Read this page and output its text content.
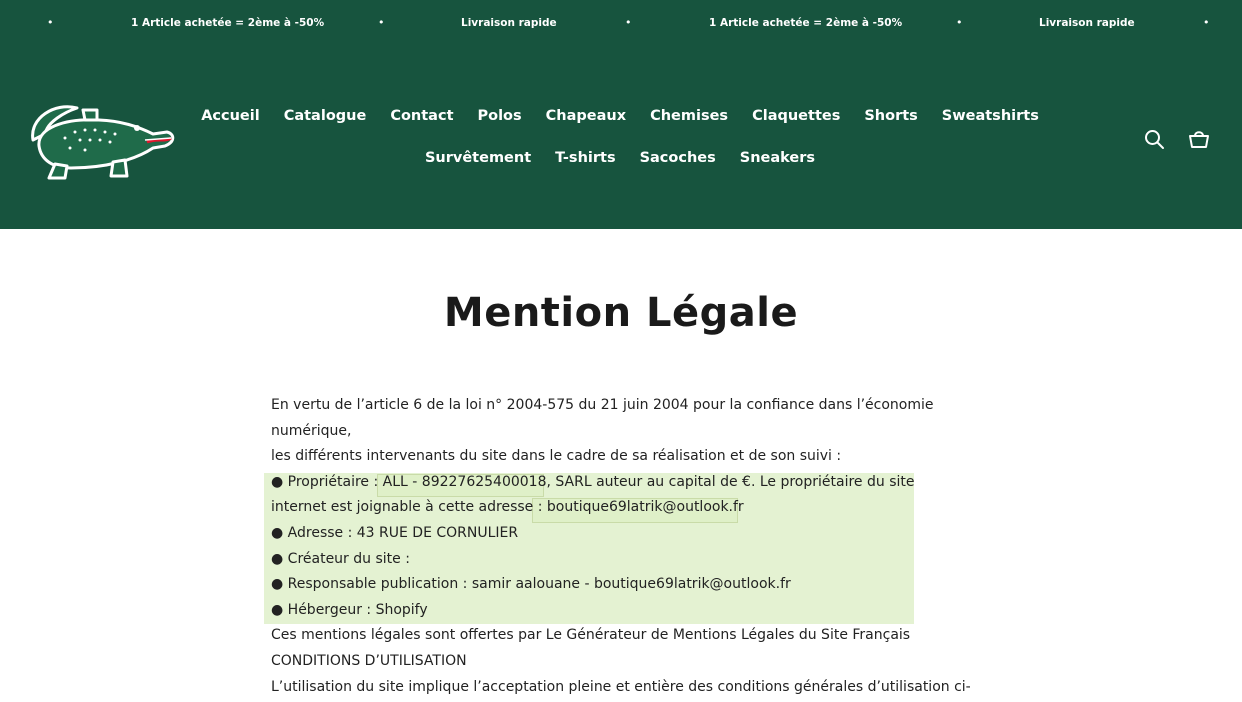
•	1 Article achetée = 2ème à -50%	•	Livraison rapide	•	1 Article achetée = 2ème à -50%	•	Livraison rapide	•
Accueil Catalogue Contact Polos Chapeaux Chemises Claquettes Shorts Sweatshirts
Survêtement T-shirts Sacoches Sneakers
Mention Légale

En vertu de l’article 6 de la loi n° 2004-575 du 21 juin 2004 pour la confiance dans l’économie

numérique,

les différents intervenants du site dans le cadre de sa réalisation et de son suivi :

● Propriétaire : ALL - 89227625400018, SARL auteur au capital de €. Le propriétaire du site

internet est joignable à cette adresse : boutique69latrik@outlook.fr

● Adresse : 43 RUE DE CORNULIER

● Créateur du site :

● Responsable publication : samir aalouane - boutique69latrik@outlook.fr

● Hébergeur : Shopify

Ces mentions légales sont offertes par Le Générateur de Mentions Légales du Site Français

CONDITIONS D’UTILISATION

L’utilisation du site implique l’acceptation pleine et entière des conditions générales d’utilisation ci-
